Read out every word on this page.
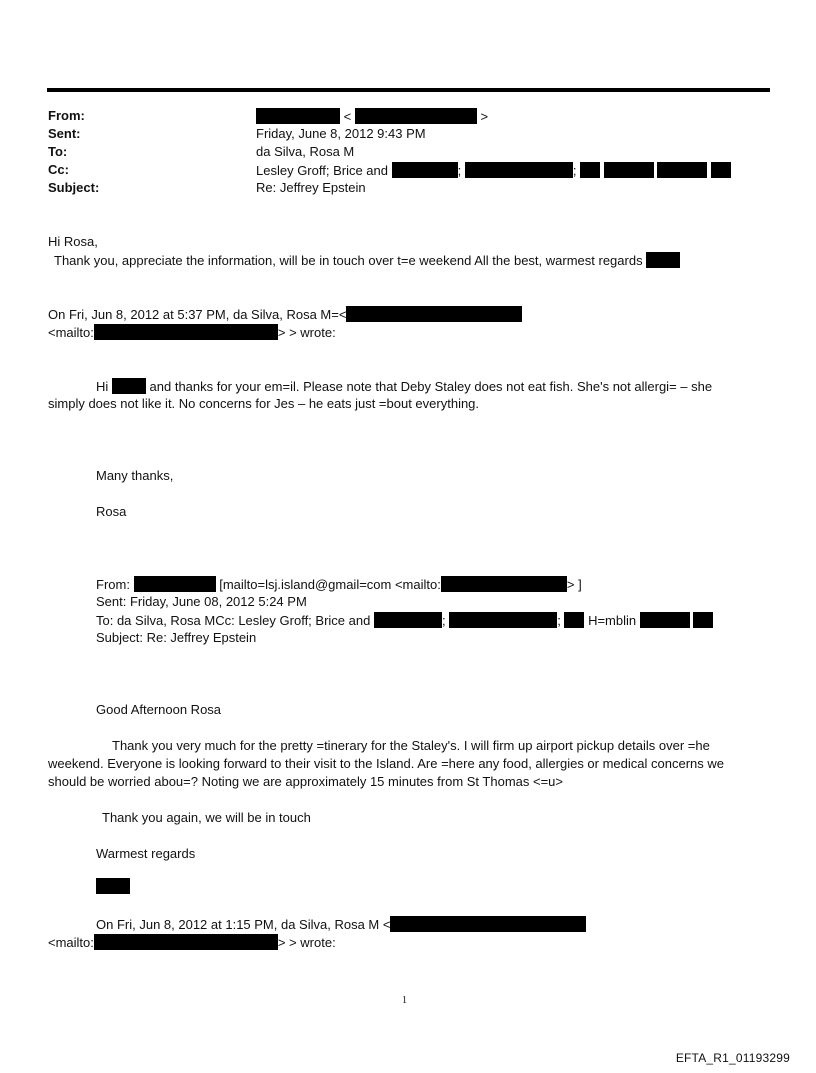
From:	<	>
Sent:	Friday, June 8, 2012 9:43 PM
To:	da Silva, Rosa M
Cc:	Lesley Groff; Brice and	;	;
Subject:	Re: Jeffrey Epstein
Hi Rosa,
Thank you, appreciate the information, will be in touch over t=e weekend All the best, warmest regards
On Fri, Jun 8, 2012 at 5:37 PM, da Silva, Rosa M=<
<mailto:	> > wrote:
Hi	and thanks for your em=il. Please note that Deby Staley does not eat fish. She's not allergi= – she
simply does not like it. No concerns for Jes – he eats just =bout everything.
Many thanks,
Rosa
From:	[mailto=lsj.island@gmail=com <mailto:	> ]
Sent: Friday, June 08, 2012 5:24 PM
To: da Silva, Rosa MCc: Lesley Groff; Brice and	;	; H=mblin
Subject: Re: Jeffrey Epstein
Good Afternoon Rosa
Thank you very much for the pretty =tinerary for the Staley's. I will firm up airport pickup details over =he
weekend. Everyone is looking forward to their visit to the Island. Are =here any food, allergies or medical concerns we
should be worried abou=? Noting we are approximately 15 minutes from St Thomas <=u>
Thank you again, we will be in touch
Warmest regards
On Fri, Jun 8, 2012 at 1:15 PM, da Silva, Rosa M <
<mailto:	> > wrote:
1
EFTA_R1_01193299
